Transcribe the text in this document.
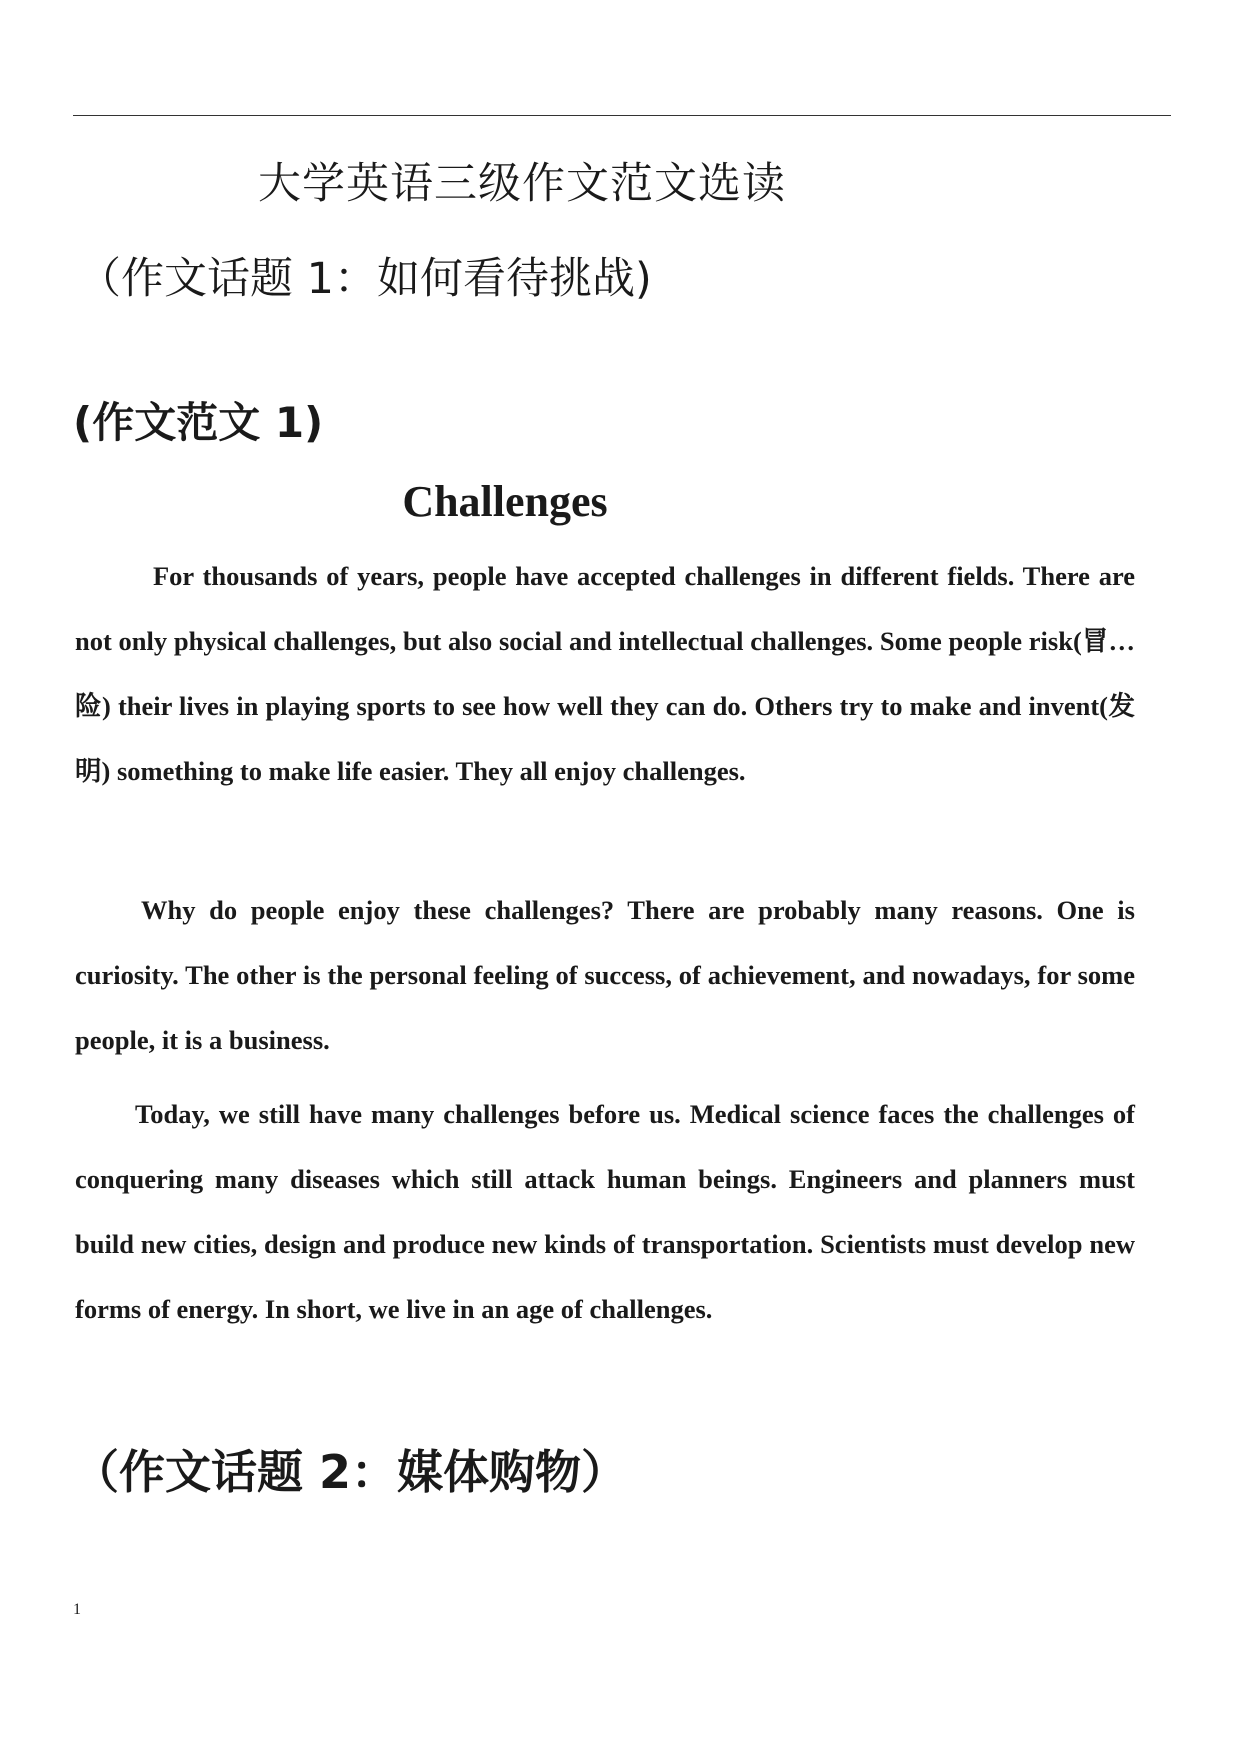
大学英语三级作文范文选读
（作文话题 1：如何看待挑战)
(作文范文 1)
Challenges

For thousands of years, people have accepted challenges in different fields. There are not only physical challenges, but also social and intellectual challenges. Some people risk(冒…险) their lives in playing sports to see how well they can do. Others try to make and invent(发明) something to make life easier. They all enjoy challenges.

Why do people enjoy these challenges? There are probably many reasons. One is curiosity. The other is the personal feeling of success, of achievement, and nowadays, for some people, it is a business.

Today, we still have many challenges before us. Medical science faces the challenges of conquering many diseases which still attack human beings. Engineers and planners must build new cities, design and produce new kinds of transportation. Scientists must develop new forms of energy. In short, we live in an age of challenges.

（作文话题 2：媒体购物）
1
